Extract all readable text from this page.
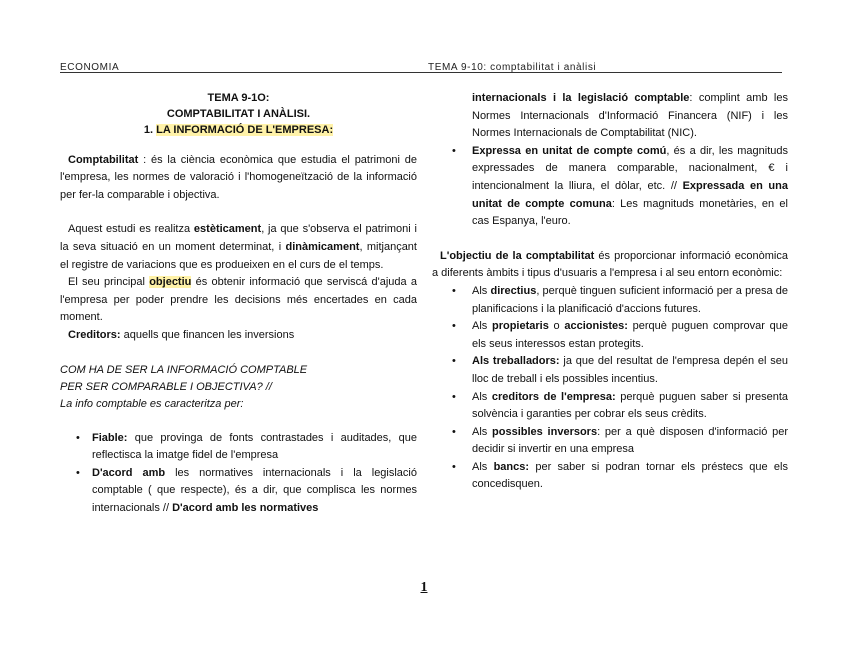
ECONOMIA	TEMA 9-10: comptabilitat i anàlisi

TEMA 9-1O:

COMPTABILITAT I ANÀLISI.

1. LA INFORMACIÓ DE L'EMPRESA:

Comptabilitat : és la ciència econòmica que estudia el patrimoni de l'empresa, les normes de valoració i l'homogeneïtzació de la informació per fer-la comparable i objectiva.

Aquest estudi es realitza estèticament, ja que s'observa el patrimoni i la seva situació en un moment determinat, i dinàmicament, mitjançant el registre de variacions que es produeixen en el curs de el temps.

El seu principal objectiu és obtenir informació que serviscá d'ajuda a l'empresa per poder prendre les decisions més encertades en cada moment.

Creditors: aquells que financen les inversions

COM HA DE SER LA INFORMACIÓ COMPTABLE

PER SER COMPARABLE I OBJECTIVA? //

La info comptable es caracteritza per:

• Fiable: que provinga de fonts contrastades i auditades, que reflectisca la imatge fidel de l'empresa
• D'acord amb les normatives internacionals i la legislació comptable ( que respecte), és a dir, que complisca les normes internacionals // D'acord amb les normatives
internacionals i la legislació comptable: complint amb les Normes Internacionals d'Informació Financera (NIF) i les Normes Internacionals de Comptabilitat (NIC).
• Expressa en unitat de compte comú, és a dir, les magnituds expressades de manera comparable, nacionalment, € i intencionalment la lliura, el dòlar, etc. // Expressada en una unitat de compte comuna: Les magnituds monetàries, en el cas Espanya, l'euro.

L'objectiu de la comptabilitat és proporcionar informació econòmica a diferents àmbits i tipus d'usuaris a l'empresa i al seu entorn econòmic:

• Als directius, perquè tinguen suficient informació per a presa de planificacions i la planificació d'accions futures.
• Als propietaris o accionistes: perquè puguen comprovar que els seus interessos estan protegits.
• Als treballadors: ja que del resultat de l'empresa depén el seu lloc de treball i els possibles incentius.
• Als creditors de l'empresa: perquè puguen saber si presenta solvència i garanties per cobrar els seus crèdits.
• Als possibles inversors: per a què disposen d'informació per decidir si invertir en una empresa
• Als bancs: per saber si podran tornar els préstecs que els concedisquen.
1
